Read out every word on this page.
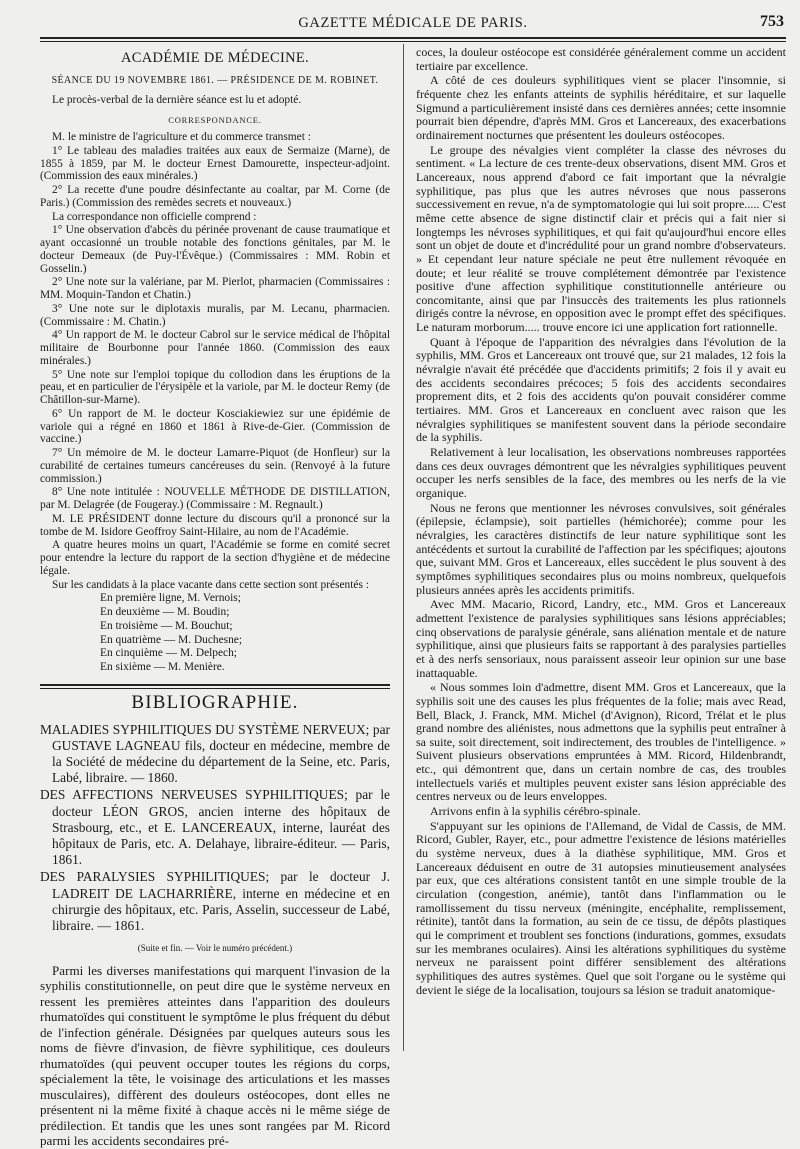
GAZETTE MÉDICALE DE PARIS.	753
ACADÉMIE DE MÉDECINE.
SÉANCE DU 19 NOVEMBRE 1861. — PRÉSIDENCE DE M. ROBINET.

Le procès-verbal de la dernière séance est lu et adopté.

CORRESPONDANCE.

M. le ministre de l'agriculture et du commerce transmet :

1° Le tableau des maladies traitées aux eaux de Sermaize (Marne), de 1855 à 1859, par M. le docteur Ernest Damourette, inspecteur-adjoint. (Commission des eaux minérales.)

2° La recette d'une poudre désinfectante au coaltar, par M. Corne (de Paris.) (Commission des remèdes secrets et nouveaux.)

La correspondance non officielle comprend :

1° Une observation d'abcès du périnée provenant de cause traumatique et ayant occasionné un trouble notable des fonctions génitales, par M. le docteur Demeaux (de Puy-l'Évêque.) (Commissaires : MM. Robin et Gosselin.)

2° Une note sur la valériane, par M. Pierlot, pharmacien (Commissaires : MM. Moquin-Tandon et Chatin.)

3° Une note sur le diplotaxis muralis, par M. Lecanu, pharmacien. (Commissaire : M. Chatin.)

4° Un rapport de M. le docteur Cabrol sur le service médical de l'hôpital militaire de Bourbonne pour l'année 1860. (Commission des eaux minérales.)

5° Une note sur l'emploi topique du collodion dans les éruptions de la peau, et en particulier de l'érysipèle et la variole, par M. le docteur Remy (de Châtillon-sur-Marne).

6° Un rapport de M. le docteur Kosciakiewiez sur une épidémie de variole qui a régné en 1860 et 1861 à Rive-de-Gier. (Commission de vaccine.)

7° Un mémoire de M. le docteur Lamarre-Piquot (de Honfleur) sur la curabilité de certaines tumeurs cancéreuses du sein. (Renvoyé à la future commission.)

8° Une note intitulée : NOUVELLE MÉTHODE DE DISTILLATION, par M. Delagrée (de Fougeray.) (Commissaire : M. Regnault.)

M. LE PRÉSIDENT donne lecture du discours qu'il a prononcé sur la tombe de M. Isidore Geoffroy Saint-Hilaire, au nom de l'Académie.

A quatre heures moins un quart, l'Académie se forme en comité secret pour entendre la lecture du rapport de la section d'hygiène et de médecine légale.

Sur les candidats à la place vacante dans cette section sont présentés :

En première ligne, M. Vernois;

En deuxième — M. Boudin;

En troisième — M. Bouchut;

En quatrième — M. Duchesne;

En cinquième — M. Delpech;

En sixième — M. Menière.

BIBLIOGRAPHIE.

MALADIES SYPHILITIQUES DU SYSTÈME NERVEUX; par GUSTAVE LAGNEAU fils, docteur en médecine, membre de la Société de médecine du département de la Seine, etc. Paris, Labé, libraire. — 1860.

DES AFFECTIONS NERVEUSES SYPHILITIQUES; par le docteur LÉON GROS, ancien interne des hôpitaux de Strasbourg, etc., et E. LANCEREAUX, interne, lauréat des hôpitaux de Paris, etc. A. Delahaye, libraire-éditeur. — Paris, 1861.

DES PARALYSIES SYPHILITIQUES; par le docteur J. LADREIT DE LACHARRIÈRE, interne en médecine et en chirurgie des hôpitaux, etc. Paris, Asselin, successeur de Labé, libraire. — 1861.

(Suite et fin. — Voir le numéro précédent.)

Parmi les diverses manifestations qui marquent l'invasion de la syphilis constitutionnelle, on peut dire que le système nerveux en ressent les premières atteintes dans l'apparition des douleurs rhumatoïdes qui constituent le symptôme le plus fréquent du début de l'infection générale. Désignées par quelques auteurs sous les noms de fièvre d'invasion, de fièvre syphilitique, ces douleurs rhumatoïdes (qui peuvent occuper toutes les régions du corps, spécialement la tête, le voisinage des articulations et les masses musculaires), diffèrent des douleurs ostéocopes, dont elles ne présentent ni la même fixité à chaque accès ni le même siége de prédilection. Et tandis que les unes sont rangées par M. Ricord parmi les accidents secondaires pré-

coces, la douleur ostéocope est considérée généralement comme un accident tertiaire par excellence.

A côté de ces douleurs syphilitiques vient se placer l'insomnie, si fréquente chez les enfants atteints de syphilis héréditaire, et sur laquelle Sigmund a particulièrement insisté dans ces dernières années; cette insomnie pourrait bien dépendre, d'après MM. Gros et Lancereaux, des exacerbations ordinairement nocturnes que présentent les douleurs ostéocopes.

Le groupe des névalgies vient compléter la classe des névroses du sentiment. « La lecture de ces trente-deux observations, disent MM. Gros et Lancereaux, nous apprend d'abord ce fait important que la névralgie syphilitique, pas plus que les autres névroses que nous passerons successivement en revue, n'a de symptomatologie qui lui soit propre..... C'est même cette absence de signe distinctif clair et précis qui a fait nier si longtemps les névroses syphilitiques, et qui fait qu'aujourd'hui encore elles sont un objet de doute et d'incrédulité pour un grand nombre d'observateurs. » Et cependant leur nature spéciale ne peut être nullement révoquée en doute; et leur réalité se trouve complétement démontrée par l'existence positive d'une affection syphilitique constitutionnelle antérieure ou concomitante, ainsi que par l'insuccès des traitements les plus rationnels dirigés contre la névrose, en opposition avec le prompt effet des spécifiques. Le naturam morborum..... trouve encore ici une application fort rationnelle.

Quant à l'époque de l'apparition des névralgies dans l'évolution de la syphilis, MM. Gros et Lancereaux ont trouvé que, sur 21 malades, 12 fois la névralgie n'avait été précédée que d'accidents primitifs; 2 fois il y avait eu des accidents secondaires précoces; 5 fois des accidents secondaires proprement dits, et 2 fois des accidents qu'on pouvait considérer comme tertiaires. MM. Gros et Lancereaux en concluent avec raison que les névralgies syphilitiques se manifestent souvent dans la période secondaire de la syphilis.

Relativement à leur localisation, les observations nombreuses rapportées dans ces deux ouvrages démontrent que les névralgies syphilitiques peuvent occuper les nerfs sensibles de la face, des membres ou les nerfs de la vie organique.

Nous ne ferons que mentionner les névroses convulsives, soit générales (épilepsie, éclampsie), soit partielles (hémichorée); comme pour les névralgies, les caractères distinctifs de leur nature syphilitique sont les antécédents et surtout la curabilité de l'affection par les spécifiques; ajoutons que, suivant MM. Gros et Lancereaux, elles succèdent le plus souvent à des symptômes syphilitiques secondaires plus ou moins nombreux, quelquefois plusieurs années après les accidents primitifs.

Avec MM. Macario, Ricord, Landry, etc., MM. Gros et Lancereaux admettent l'existence de paralysies syphilitiques sans lésions appréciables; cinq observations de paralysie générale, sans aliénation mentale et de nature syphilitique, ainsi que plusieurs faits se rapportant à des paralysies partielles et à des nerfs sensoriaux, nous paraissent asseoir leur opinion sur une base inattaquable.

« Nous sommes loin d'admettre, disent MM. Gros et Lancereaux, que la syphilis soit une des causes les plus fréquentes de la folie; mais avec Read, Bell, Black, J. Franck, MM. Michel (d'Avignon), Ricord, Trélat et le plus grand nombre des aliénistes, nous admettons que la syphilis peut entraîner à sa suite, soit directement, soit indirectement, des troubles de l'intelligence. » Suivent plusieurs observations empruntées à MM. Ricord, Hildenbrandt, etc., qui démontrent que, dans un certain nombre de cas, des troubles intellectuels variés et multiples peuvent exister sans lésion appréciable des centres nerveux ou de leurs enveloppes.

Arrivons enfin à la syphilis cérébro-spinale.

S'appuyant sur les opinions de l'Allemand, de Vidal de Cassis, de MM. Ricord, Gubler, Rayer, etc., pour admettre l'existence de lésions matérielles du système nerveux, dues à la diathèse syphilitique, MM. Gros et Lancereaux déduisent en outre de 31 autopsies minutieusement analysées par eux, que ces altérations consistent tantôt en une simple trouble de la circulation (congestion, anémie), tantôt dans l'inflammation ou le ramollissement du tissu nerveux (méningite, encéphalite, remplissement, rétinite), tantôt dans la formation, au sein de ce tissu, de dépôts plastiques qui le compriment et troublent ses fonctions (indurations, gommes, exsudats sur les membranes oculaires). Ainsi les altérations syphilitiques du système nerveux ne paraissent point différer sensiblement des altérations syphilitiques des autres systèmes. Quel que soit l'organe ou le système qui devient le siége de la localisation, toujours sa lésion se traduit anatomique-
